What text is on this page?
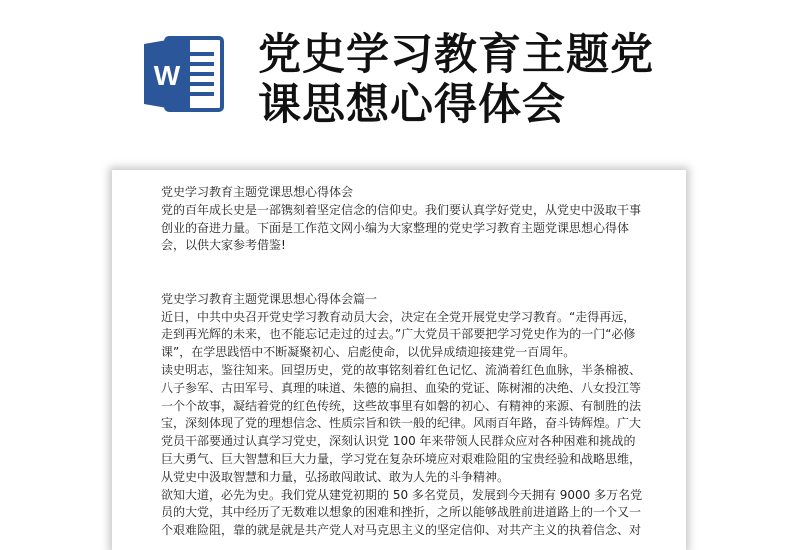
W 党史学习教育主题党
课思想心得体会

党史学习教育主题党课思想心得体会

党的百年成长史是一部镌刻着坚定信念的信仰史。我们要认真学好党史，从党史中汲取干事

创业的奋进力量。下面是工作范文网小编为大家整理的党史学习教育主题党课思想心得体

会，以供大家参考借鉴!

党史学习教育主题党课思想心得体会篇一

近日，中共中央召开党史学习教育动员大会，决定在全党开展党史学习教育。“走得再远，

走到再光辉的未来，也不能忘记走过的过去。”广大党员干部要把学习党史作为的一门“必修

课”，在学思践悟中不断凝聚初心、启彪使命，以优异成绩迎接建党一百周年。

读史明志，鉴往知来。回望历史，党的故事铭刻着红色记忆、流淌着红色血脉，半条棉被、

八子参军、古田军号、真理的味道、朱德的扁担、血染的党证、陈树湘的决绝、八女投江等

一个个故事，凝结着党的红色传统，这些故事里有如磐的初心、有精神的来源、有制胜的法

宝，深刻体现了党的理想信念、性质宗旨和铁一般的纪律。风雨百年路，奋斗铸辉煌。广大

党员干部要通过认真学习党史，深刻认识党 100 年来带领人民群众应对各种困难和挑战的

巨大勇气、巨大智慧和巨大力量，学习党在复杂环境应对艰难险阻的宝贵经验和战略思维，

从党史中汲取智慧和力量，弘扬敢闯敢试、敢为人先的斗争精神。

欲知大道，必先为史。我们党从建党初期的 50 多名党员，发展到今天拥有 9000 多万名党

员的大党，其中经历了无数难以想象的困难和挫折，之所以能够战胜前进道路上的一个又一

个艰难险阻，靠的就是就是共产党人对马克思主义的坚定信仰、对共产主义的执着信念、对
